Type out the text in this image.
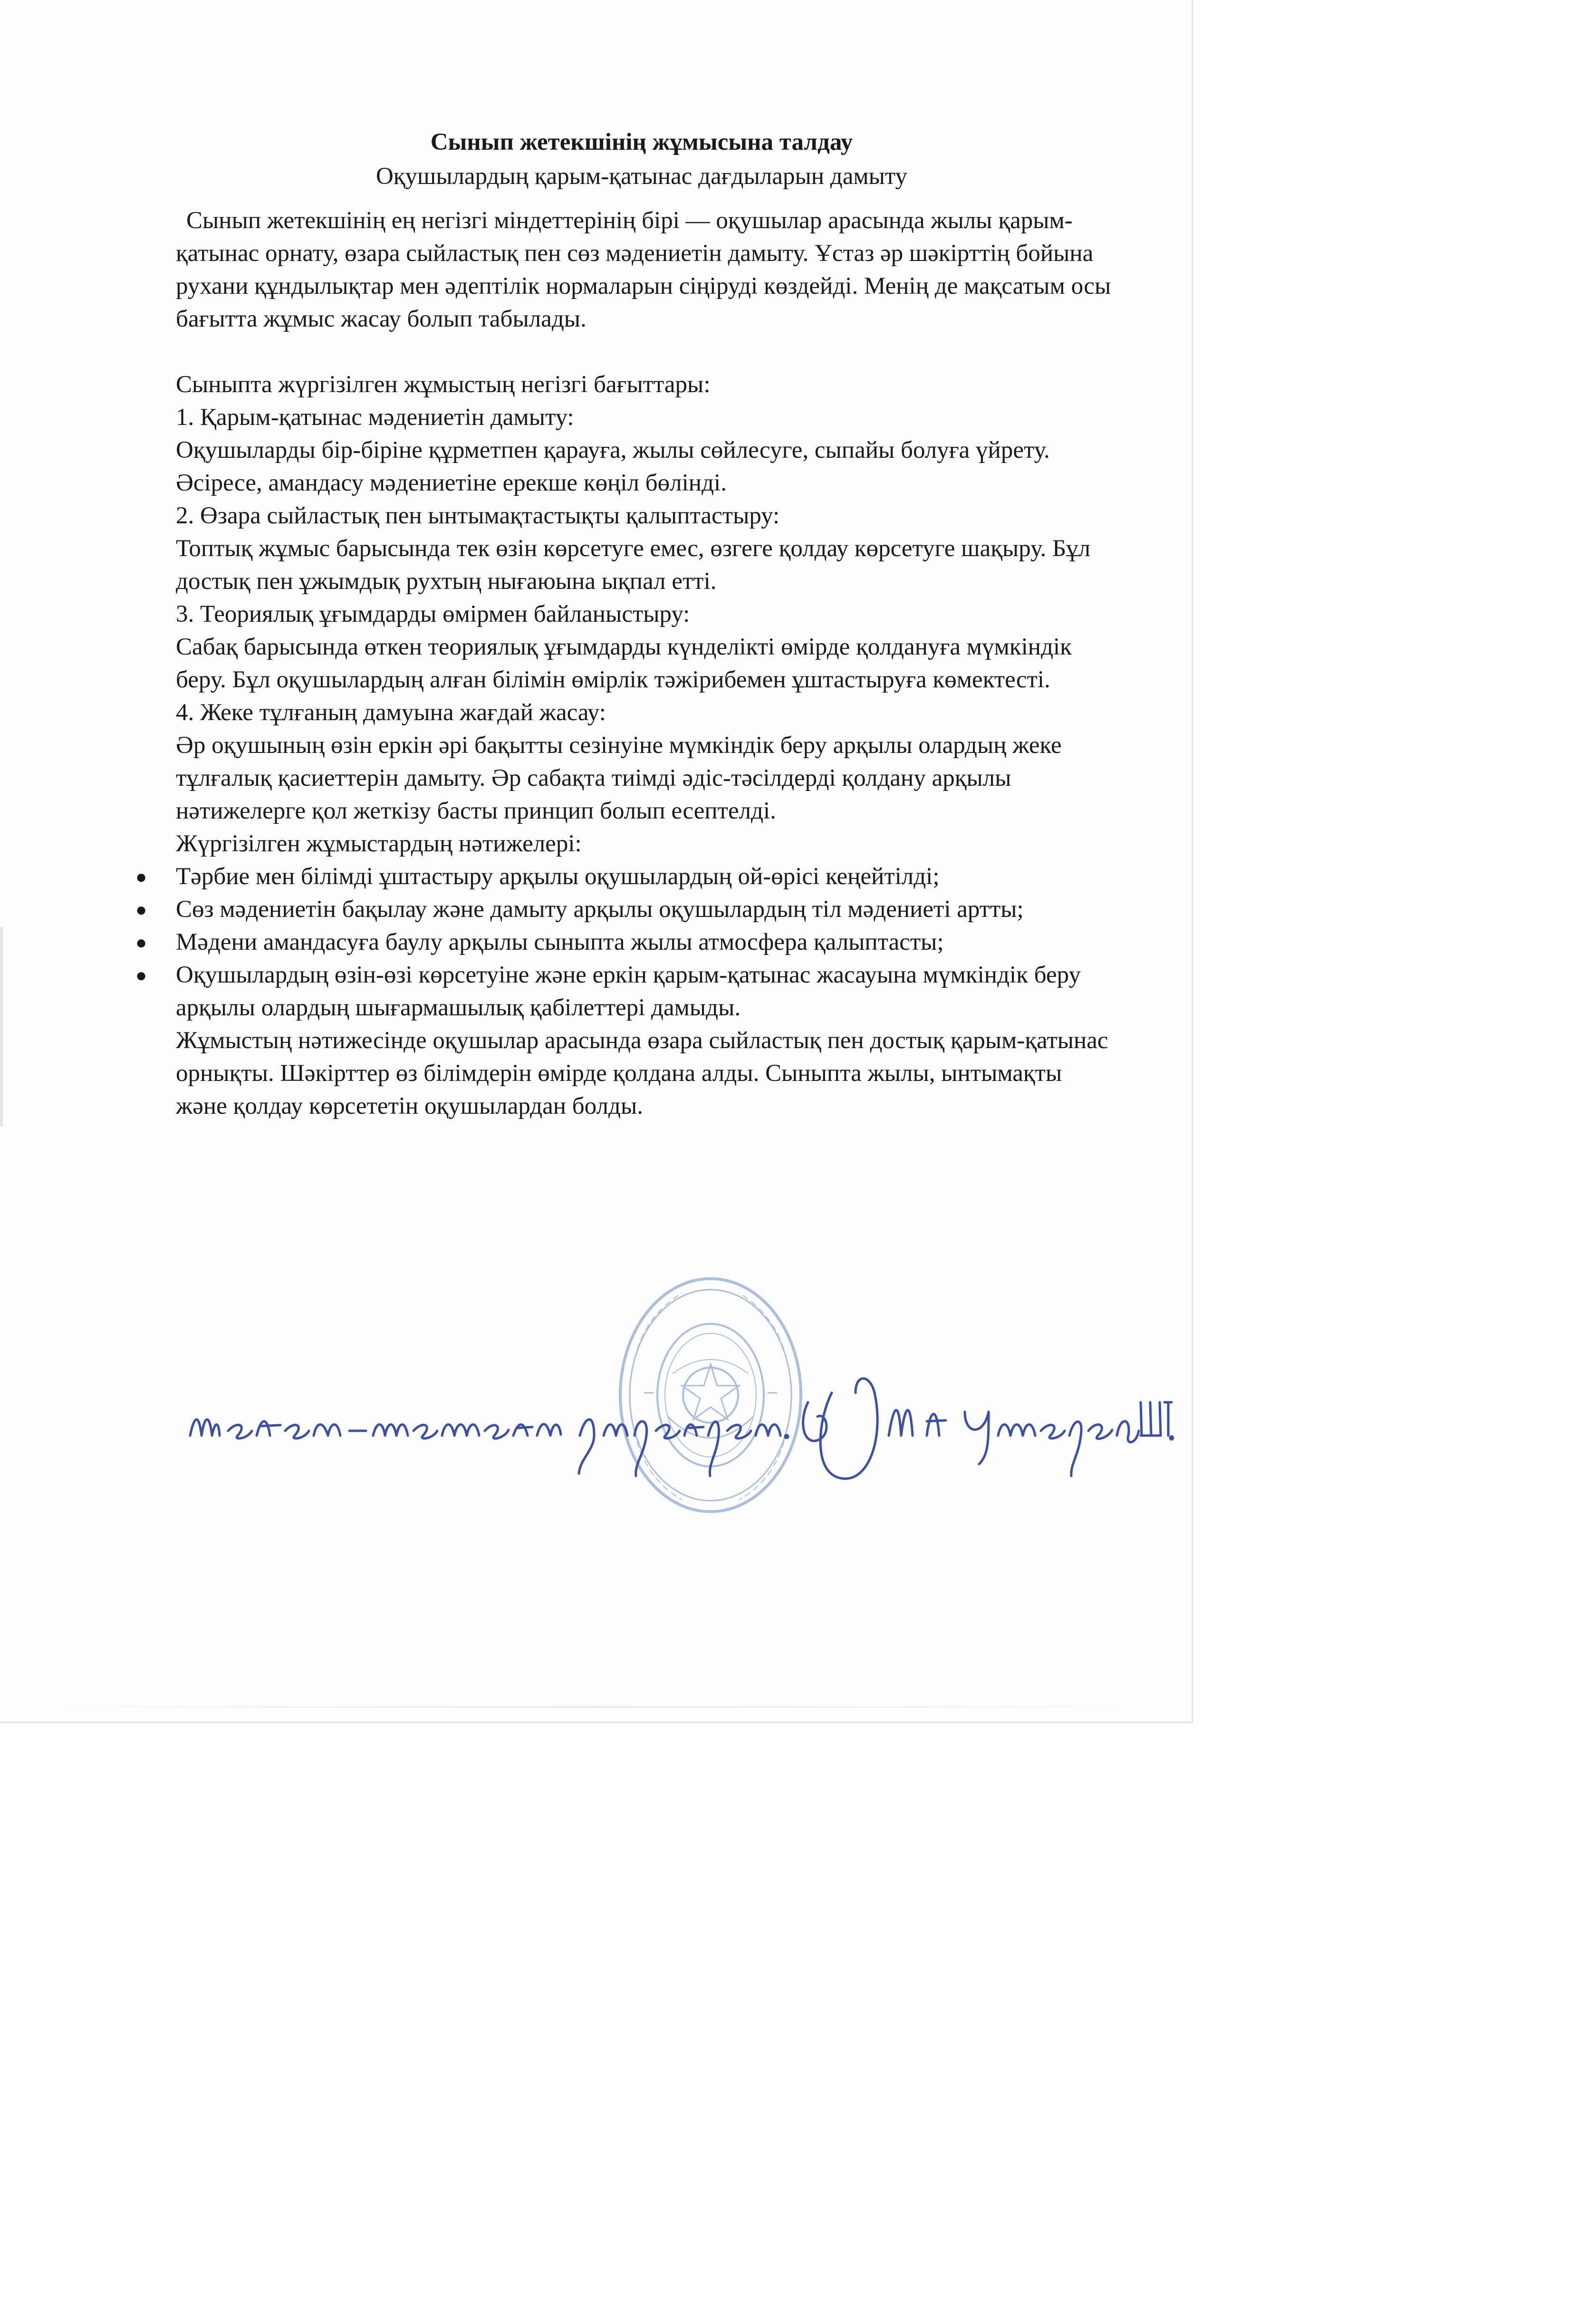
Сынып жетекшінің жұмысына талдау
Оқушылардың қарым-қатынас дағдыларын дамыту

Сынып жетекшінің ең негізгі міндеттерінің бірі — оқушылар арасында жылы қарым-қатынас орнату, өзара сыйластық пен сөз мәдениетін дамыту. Ұстаз әр шәкірттің бойына рухани құндылықтар мен әдептілік нормаларын сіңіруді көздейді. Менің де мақсатым осы бағытта жұмыс жасау болып табылады.

Сыныпта жүргізілген жұмыстың негізгі бағыттары:

1. Қарым-қатынас мәдениетін дамыту:

Оқушыларды бір-біріне құрметпен қарауға, жылы сөйлесуге, сыпайы болуға үйрету. Әсіресе, амандасу мәдениетіне ерекше көңіл бөлінді.

2. Өзара сыйластық пен ынтымақтастықты қалыптастыру:

Топтық жұмыс барысында тек өзін көрсетуге емес, өзгеге қолдау көрсетуге шақыру. Бұл достық пен ұжымдық рухтың нығаюына ықпал етті.

3. Теориялық ұғымдарды өмірмен байланыстыру:

Сабақ барысында өткен теориялық ұғымдарды күнделікті өмірде қолдануға мүмкіндік беру. Бұл оқушылардың алған білімін өмірлік тәжірибемен ұштастыруға көмектесті.

4. Жеке тұлғаның дамуына жағдай жасау:

Әр оқушының өзін еркін әрі бақытты сезінуіне мүмкіндік беру арқылы олардың жеке тұлғалық қасиеттерін дамыту. Әр сабақта тиімді әдіс-тәсілдерді қолдану арқылы нәтижелерге қол жеткізу басты принцип болып есептелді.

Жүргізілген жұмыстардың нәтижелері:

● Тәрбие мен білімді ұштастыру арқылы оқушылардың ой-өрісі кеңейтілді;
● Сөз мәдениетін бақылау және дамыту арқылы оқушылардың тіл мәдениеті артты;
● Мәдени амандасуға баулу арқылы сыныпта жылы атмосфера қалыптасты;
● Оқушылардың өзін-өзі көрсетуіне және еркін қарым-қатынас жасауына мүмкіндік беру арқылы олардың шығармашылық қабілеттері дамыды.

Жұмыстың нәтижесінде оқушылар арасында өзара сыйластық пен достық қарым-қатынас орнықты. Шәкірттер өз білімдерін өмірде қолдана алды. Сыныпта жылы, ынтымақты және қолдау көрсететін оқушылардан болды.
